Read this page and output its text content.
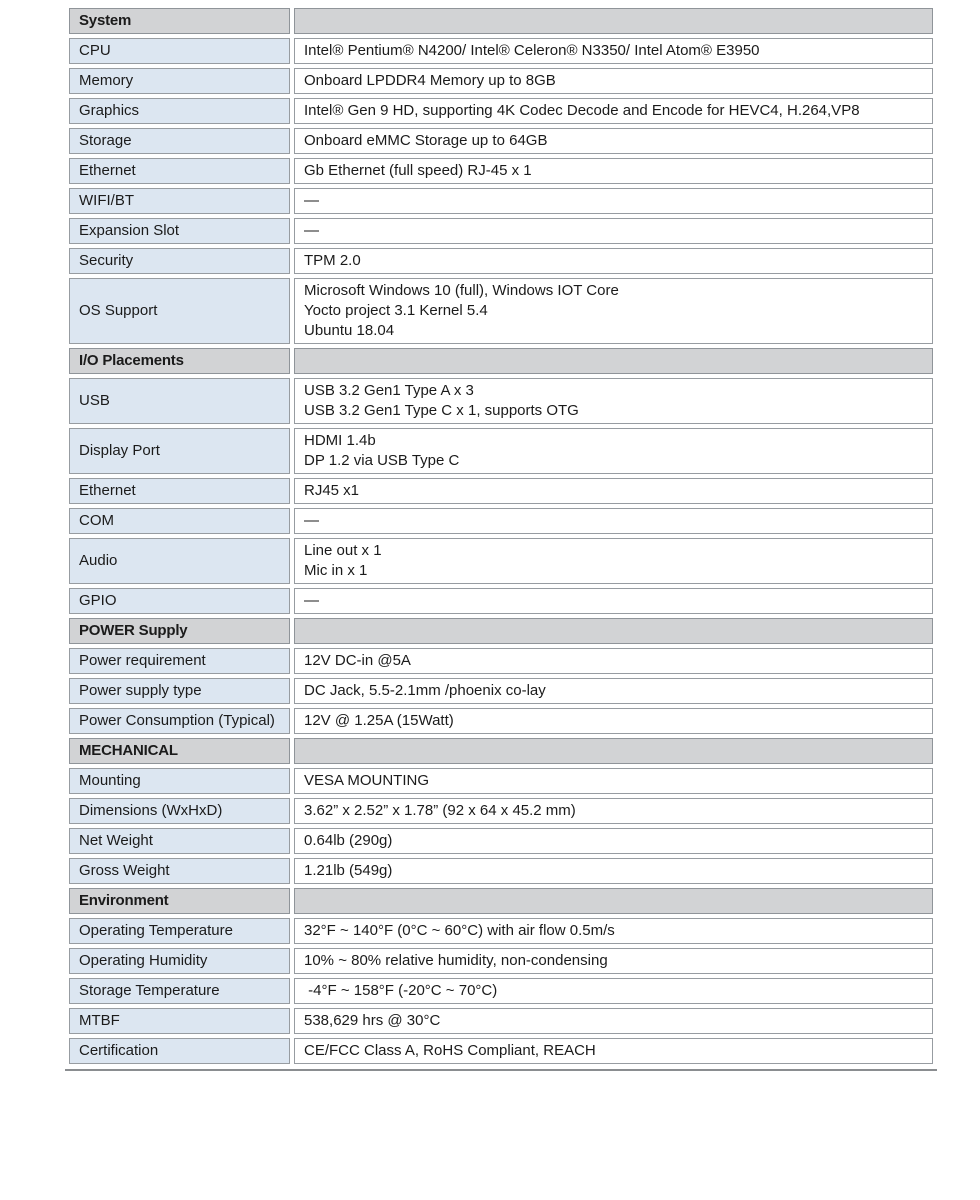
System	
CPU	Intel® Pentium® N4200/ Intel® Celeron® N3350/ Intel Atom® E3950

Memory	Onboard LPDDR4 Memory up to 8GB

Graphics	Intel® Gen 9 HD, supporting 4K Codec Decode and Encode for HEVC4, H.264,VP8

Storage	Onboard eMMC Storage up to 64GB

Ethernet	Gb Ethernet (full speed) RJ-45 x 1

WIFI/BT	—

Expansion Slot	—

Security	TPM 2.0

OS Support	Microsoft Windows 10 (full), Windows IOT Core
Yocto project 3.1 Kernel 5.4
Ubuntu 18.04

I/O Placements	
USB	USB 3.2 Gen1 Type A x 3
USB 3.2 Gen1 Type C x 1, supports OTG

Display Port	HDMI 1.4b
DP 1.2 via USB Type C

Ethernet	RJ45 x1

COM	—

Audio	Line out x 1
Mic in x 1

GPIO	—

POWER Supply	
Power requirement	12V DC-in @5A

Power supply type	DC Jack, 5.5-2.1mm /phoenix co-lay

Power Consumption (Typical)	12V @ 1.25A (15Watt)

MECHANICAL	
Mounting	VESA MOUNTING

Dimensions (WxHxD)	3.62” x 2.52” x 1.78” (92 x 64 x 45.2 mm)

Net Weight	0.64lb (290g)

Gross Weight	1.21lb (549g)

Environment	
Operating Temperature	32°F ~ 140°F (0°C ~ 60°C) with air flow 0.5m/s

Operating Humidity	10% ~ 80% relative humidity, non-condensing

Storage Temperature	-4°F ~ 158°F (-20°C ~ 70°C)

MTBF	538,629 hrs @ 30°C

Certification	CE/FCC Class A, RoHS Compliant, REACH
